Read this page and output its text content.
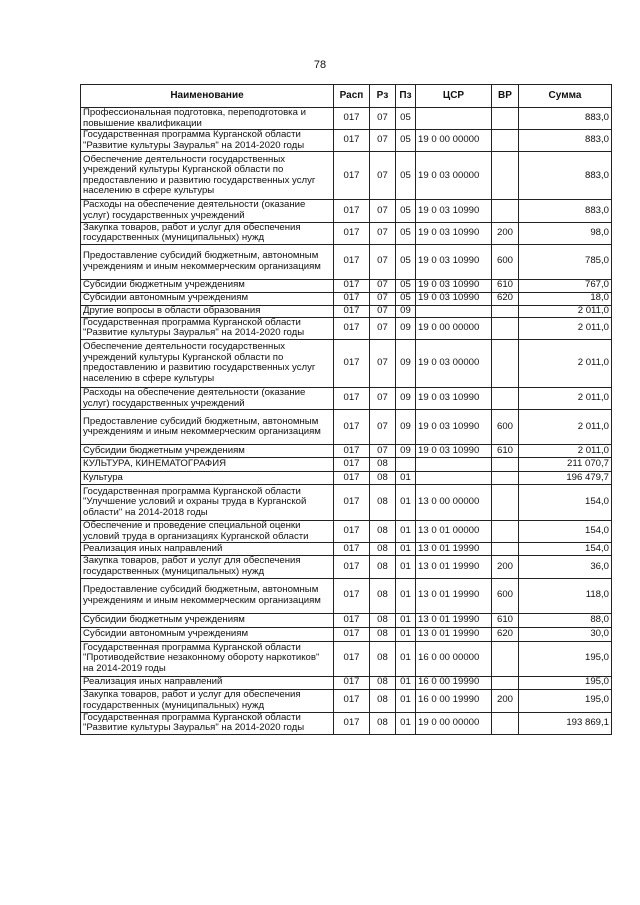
78
Наименование	Расп	Рз	Пз	ЦСР	ВР	Сумма
Профессиональная подготовка, переподготовка и повышение квалификации	017	07	05			883,0
Государственная программа Курганской области "Развитие культуры Зауралья" на 2014-2020 годы	017	07	05	19 0 00 00000		883,0
Обеспечение деятельности государственных учреждений культуры Курганской области по предоставлению и развитию государственных услуг населению в сфере культуры	017	07	05	19 0 03 00000		883,0
Расходы на обеспечение деятельности (оказание услуг) государственных учреждений	017	07	05	19 0 03 10990		883,0
Закупка товаров, работ и услуг для обеспечения государственных (муниципальных) нужд	017	07	05	19 0 03 10990	200	98,0
Предоставление субсидий бюджетным, автономным учреждениям и иным некоммерческим организациям	017	07	05	19 0 03 10990	600	785,0
Субсидии бюджетным учреждениям	017	07	05	19 0 03 10990	610	767,0
Субсидии автономным учреждениям	017	07	05	19 0 03 10990	620	18,0
Другие вопросы в области образования	017	07	09			2 011,0
Государственная программа Курганской области "Развитие культуры Зауралья" на 2014-2020 годы	017	07	09	19 0 00 00000		2 011,0
Обеспечение деятельности государственных учреждений культуры Курганской области по предоставлению и развитию государственных услуг населению в сфере культуры	017	07	09	19 0 03 00000		2 011,0
Расходы на обеспечение деятельности (оказание услуг) государственных учреждений	017	07	09	19 0 03 10990		2 011,0
Предоставление субсидий бюджетным, автономным учреждениям и иным некоммерческим организациям	017	07	09	19 0 03 10990	600	2 011,0
Субсидии бюджетным учреждениям	017	07	09	19 0 03 10990	610	2 011,0
КУЛЬТУРА, КИНЕМАТОГРАФИЯ	017	08				211 070,7
Культура	017	08	01			196 479,7
Государственная программа Курганской области "Улучшение условий и охраны труда в Курганской области" на 2014-2018 годы	017	08	01	13 0 00 00000		154,0
Обеспечение и проведение специальной оценки условий труда в организациях Курганской области	017	08	01	13 0 01 00000		154,0
Реализация иных направлений	017	08	01	13 0 01 19990		154,0
Закупка товаров, работ и услуг для обеспечения государственных (муниципальных) нужд	017	08	01	13 0 01 19990	200	36,0
Предоставление субсидий бюджетным, автономным учреждениям и иным некоммерческим организациям	017	08	01	13 0 01 19990	600	118,0
Субсидии бюджетным учреждениям	017	08	01	13 0 01 19990	610	88,0
Субсидии автономным учреждениям	017	08	01	13 0 01 19990	620	30,0
Государственная программа Курганской области "Противодействие незаконному обороту наркотиков" на 2014-2019 годы	017	08	01	16 0 00 00000		195,0
Реализация иных направлений	017	08	01	16 0 00 19990		195,0
Закупка товаров, работ и услуг для обеспечения государственных (муниципальных) нужд	017	08	01	16 0 00 19990	200	195,0
Государственная программа Курганской области "Развитие культуры Зауралья" на 2014-2020 годы	017	08	01	19 0 00 00000		193 869,1
